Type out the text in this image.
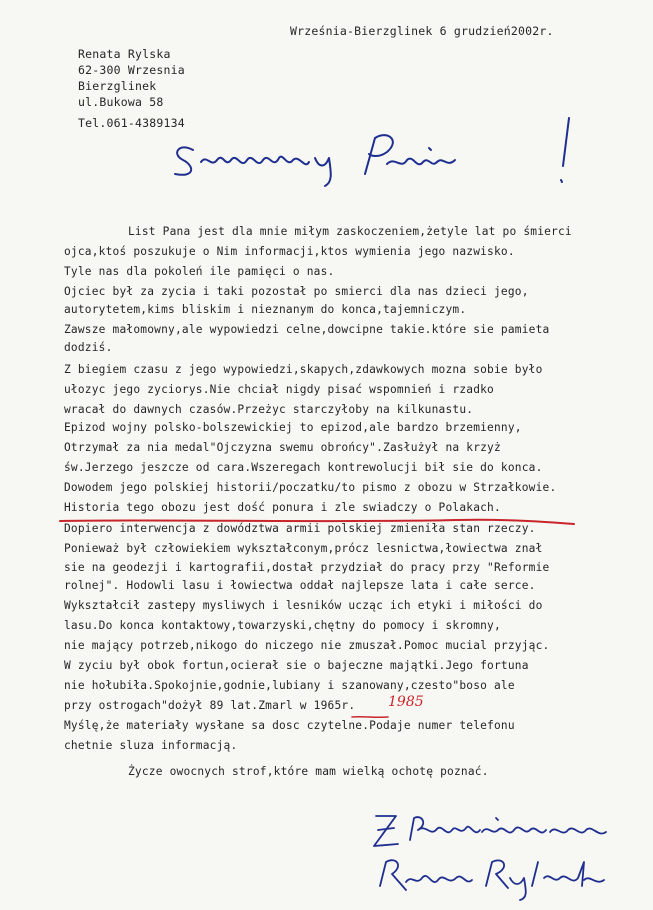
Września-Bierzglinek 6 grudzień2002r.
Renata Rylska
62-300 Wrzesnia
Bierzglinek
ul.Bukowa 58
Tel.061-4389134
List Pana jest dla mnie miłym zaskoczeniem,żetyle lat po śmierci
ojca,ktoś poszukuje o Nim informacji,ktos wymienia jego nazwisko.
Tyle nas dla pokoleń ile pamięci o nas.
Ojciec był za zycia i taki pozostał po smierci dla nas dzieci jego,
autorytetem,kims bliskim i nieznanym do konca,tajemniczym.
Zawsze małomowny,ale wypowiedzi celne,dowcipne takie.które sie pamieta
dodziś.
Z biegiem czasu z jego wypowiedzi,skapych,zdawkowych mozna sobie było
ułozyc jego zyciorys.Nie chciał nigdy pisać wspomnień i rzadko
wracał do dawnych czasów.Przeżyc starczyłoby na kilkunastu.
Epizod wojny polsko-bolszewickiej to epizod,ale bardzo brzemienny,
Otrzymał za nia medal"Ojczyzna swemu obrońcy".Zasłużył na krzyż
św.Jerzego jeszcze od cara.Wszeregach kontrewolucji bił sie do konca.
Dowodem jego polskiej historii/poczatku/to pismo z obozu w Strzałkowie.
Historia tego obozu jest dość ponura i zle swiadczy o Polakach.
Dopiero interwencja z dowództwa armii polskiej zmieniła stan rzeczy.
Ponieważ był człowiekiem wykształconym,prócz lesnictwa,łowiectwa znał
sie na geodezji i kartografii,dostał przydział do pracy przy "Reformie
rolnej". Hodowli lasu i łowiectwa oddał najlepsze lata i całe serce.
Wykształcił zastepy mysliwych i lesników ucząc ich etyki i miłości do
lasu.Do konca kontaktowy,towarzyski,chętny do pomocy i skromny,
nie mający potrzeb,nikogo do niczego nie zmuszał.Pomoc mucial przyjąc.
W zyciu był obok fortun,ocierał sie o bajeczne majątki.Jego fortuna
nie hołubiła.Spokojnie,godnie,lubiany i szanowany,czesto"boso ale
przy ostrogach"dożył 89 lat.Zmarl w 1965r. 1985
Myślę,że materiały wysłane sa dosc czytelne.Podaje numer telefonu
chetnie sluza informacją.
Życze owocnych strof,które mam wielką ochotę poznać.
